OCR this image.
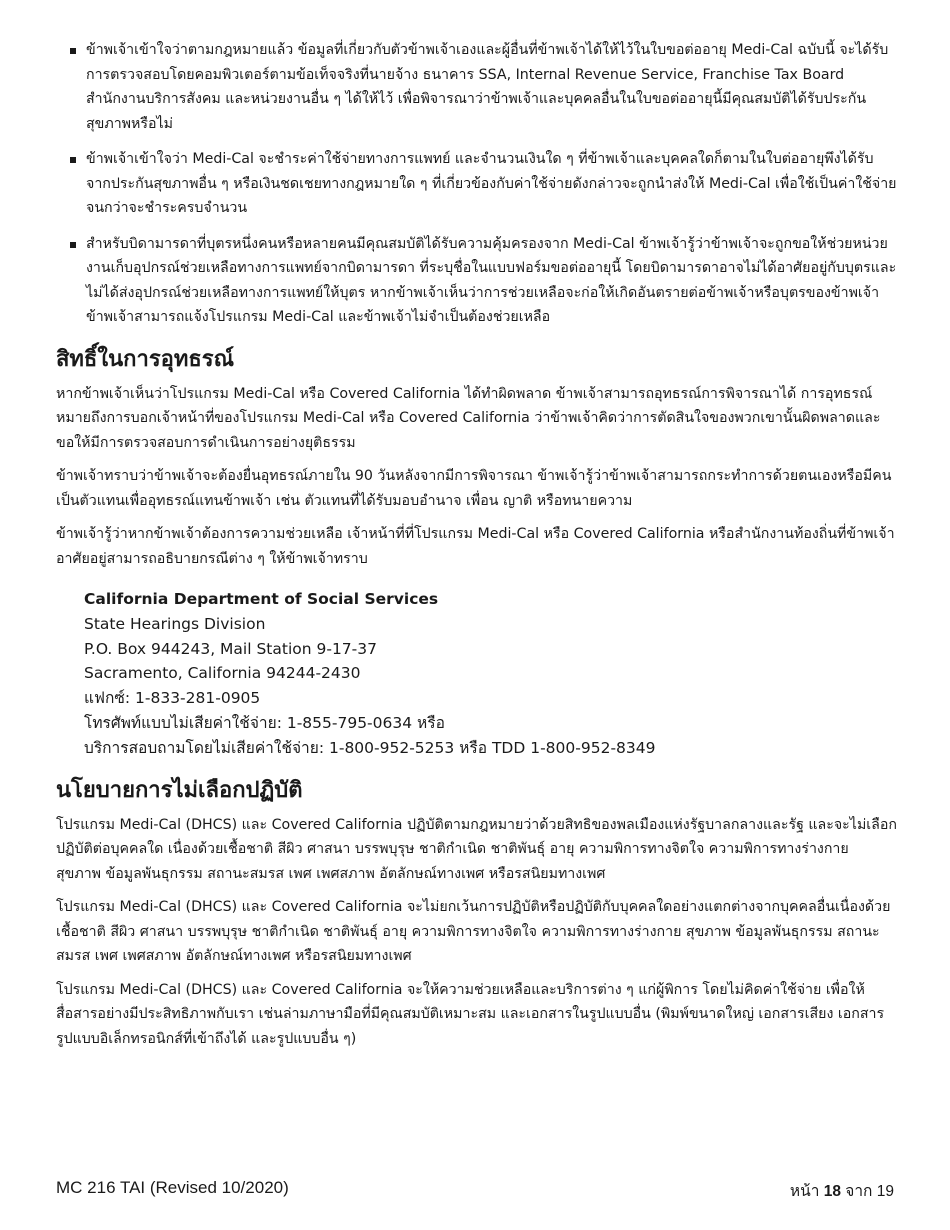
ข้าพเจ้าเข้าใจว่าตามกฎหมายแล้ว ข้อมูลที่เกี่ยวกับตัวข้าพเจ้าเองและผู้อื่นที่ข้าพเจ้าได้ให้ไว้ในใบขอต่ออายุ Medi-Cal ฉบับนี้ จะได้รับการตรวจสอบโดยคอมพิวเตอร์ตามข้อเท็จจริงที่นายจ้าง ธนาคาร SSA, Internal Revenue Service, Franchise Tax Board สำนักงานบริการสังคม และหน่วยงานอื่น ๆ ได้ให้ไว้ เพื่อพิจารณาว่าข้าพเจ้าและบุคคลอื่นในใบขอต่ออายุนี้มีคุณสมบัติได้รับประกันสุขภาพหรือไม่
ข้าพเจ้าเข้าใจว่า Medi-Cal จะชำระค่าใช้จ่ายทางการแพทย์ และจำนวนเงินใด ๆ ที่ข้าพเจ้าและบุคคลใดก็ตามในใบต่ออายุพึงได้รับจากประกันสุขภาพอื่น ๆ หรือเงินชดเชยทางกฎหมายใด ๆ ที่เกี่ยวข้องกับค่าใช้จ่ายดังกล่าวจะถูกนำส่งให้ Medi-Cal เพื่อใช้เป็นค่าใช้จ่ายจนกว่าจะชำระครบจำนวน
สำหรับบิดามารดาที่บุตรหนึ่งคนหรือหลายคนมีคุณสมบัติได้รับความคุ้มครองจาก Medi-Cal ข้าพเจ้ารู้ว่าข้าพเจ้าจะถูกขอให้ช่วยหน่วยงานเก็บอุปกรณ์ช่วยเหลือทางการแพทย์จากบิดามารดา ที่ระบุชื่อในแบบฟอร์มขอต่ออายุนี้ โดยบิดามารดาอาจไม่ได้อาศัยอยู่กับบุตรและไม่ได้ส่งอุปกรณ์ช่วยเหลือทางการแพทย์ให้บุตร หากข้าพเจ้าเห็นว่าการช่วยเหลือจะก่อให้เกิดอันตรายต่อข้าพเจ้าหรือบุตรของข้าพเจ้า ข้าพเจ้าสามารถแจ้งโปรแกรม Medi-Cal และข้าพเจ้าไม่จำเป็นต้องช่วยเหลือ
สิทธิ์ในการอุทธรณ์

หากข้าพเจ้าเห็นว่าโปรแกรม Medi-Cal หรือ Covered California ได้ทำผิดพลาด ข้าพเจ้าสามารถอุทธรณ์การพิจารณาได้ การอุทธรณ์หมายถึงการบอกเจ้าหน้าที่ของโปรแกรม Medi-Cal หรือ Covered California ว่าข้าพเจ้าคิดว่าการตัดสินใจของพวกเขานั้นผิดพลาดและขอให้มีการตรวจสอบการดำเนินการอย่างยุติธรรม

ข้าพเจ้าทราบว่าข้าพเจ้าจะต้องยื่นอุทธรณ์ภายใน 90 วันหลังจากมีการพิจารณา ข้าพเจ้ารู้ว่าข้าพเจ้าสามารถกระทำการด้วยตนเองหรือมีคนเป็นตัวแทนเพื่ออุทธรณ์แทนข้าพเจ้า เช่น ตัวแทนที่ได้รับมอบอำนาจ เพื่อน ญาติ หรือทนายความ

ข้าพเจ้ารู้ว่าหากข้าพเจ้าต้องการความช่วยเหลือ เจ้าหน้าที่ที่โปรแกรม Medi-Cal หรือ Covered California หรือสำนักงานท้องถิ่นที่ข้าพเจ้าอาศัยอยู่สามารถอธิบายกรณีต่าง ๆ ให้ข้าพเจ้าทราบ

California Department of Social Services
State Hearings Division
P.O. Box 944243, Mail Station 9-17-37
Sacramento, California 94244-2430
แฟกซ์: 1-833-281-0905
โทรศัพท์แบบไม่เสียค่าใช้จ่าย: 1-855-795-0634 หรือ
บริการสอบถามโดยไม่เสียค่าใช้จ่าย: 1-800-952-5253 หรือ TDD 1-800-952-8349
นโยบายการไม่เลือกปฏิบัติ

โปรแกรม Medi-Cal (DHCS) และ Covered California ปฏิบัติตามกฎหมายว่าด้วยสิทธิของพลเมืองแห่งรัฐบาลกลางและรัฐ และจะไม่เลือกปฏิบัติต่อบุคคลใด เนื่องด้วยเชื้อชาติ สีผิว ศาสนา บรรพบุรุษ ชาติกำเนิด ชาติพันธุ์ อายุ ความพิการทางจิตใจ ความพิการทางร่างกาย สุขภาพ ข้อมูลพันธุกรรม สถานะสมรส เพศ เพศสภาพ อัตลักษณ์ทางเพศ หรือรสนิยมทางเพศ

โปรแกรม Medi-Cal (DHCS) และ Covered California จะไม่ยกเว้นการปฏิบัติหรือปฏิบัติกับบุคคลใดอย่างแตกต่างจากบุคคลอื่นเนื่องด้วยเชื้อชาติ สีผิว ศาสนา บรรพบุรุษ ชาติกำเนิด ชาติพันธุ์ อายุ ความพิการทางจิตใจ ความพิการทางร่างกาย สุขภาพ ข้อมูลพันธุกรรม สถานะสมรส เพศ เพศสภาพ อัตลักษณ์ทางเพศ หรือรสนิยมทางเพศ

โปรแกรม Medi-Cal (DHCS) และ Covered California จะให้ความช่วยเหลือและบริการต่าง ๆ แก่ผู้พิการ โดยไม่คิดค่าใช้จ่าย เพื่อให้สื่อสารอย่างมีประสิทธิภาพกับเรา เช่นล่ามภาษามือที่มีคุณสมบัติเหมาะสม และเอกสารในรูปแบบอื่น (พิมพ์ขนาดใหญ่ เอกสารเสียง เอกสารรูปแบบอิเล็กทรอนิกส์ที่เข้าถึงได้ และรูปแบบอื่น ๆ)

MC 216 TAI (Revised 10/2020)	หน้า 18 จาก 19
